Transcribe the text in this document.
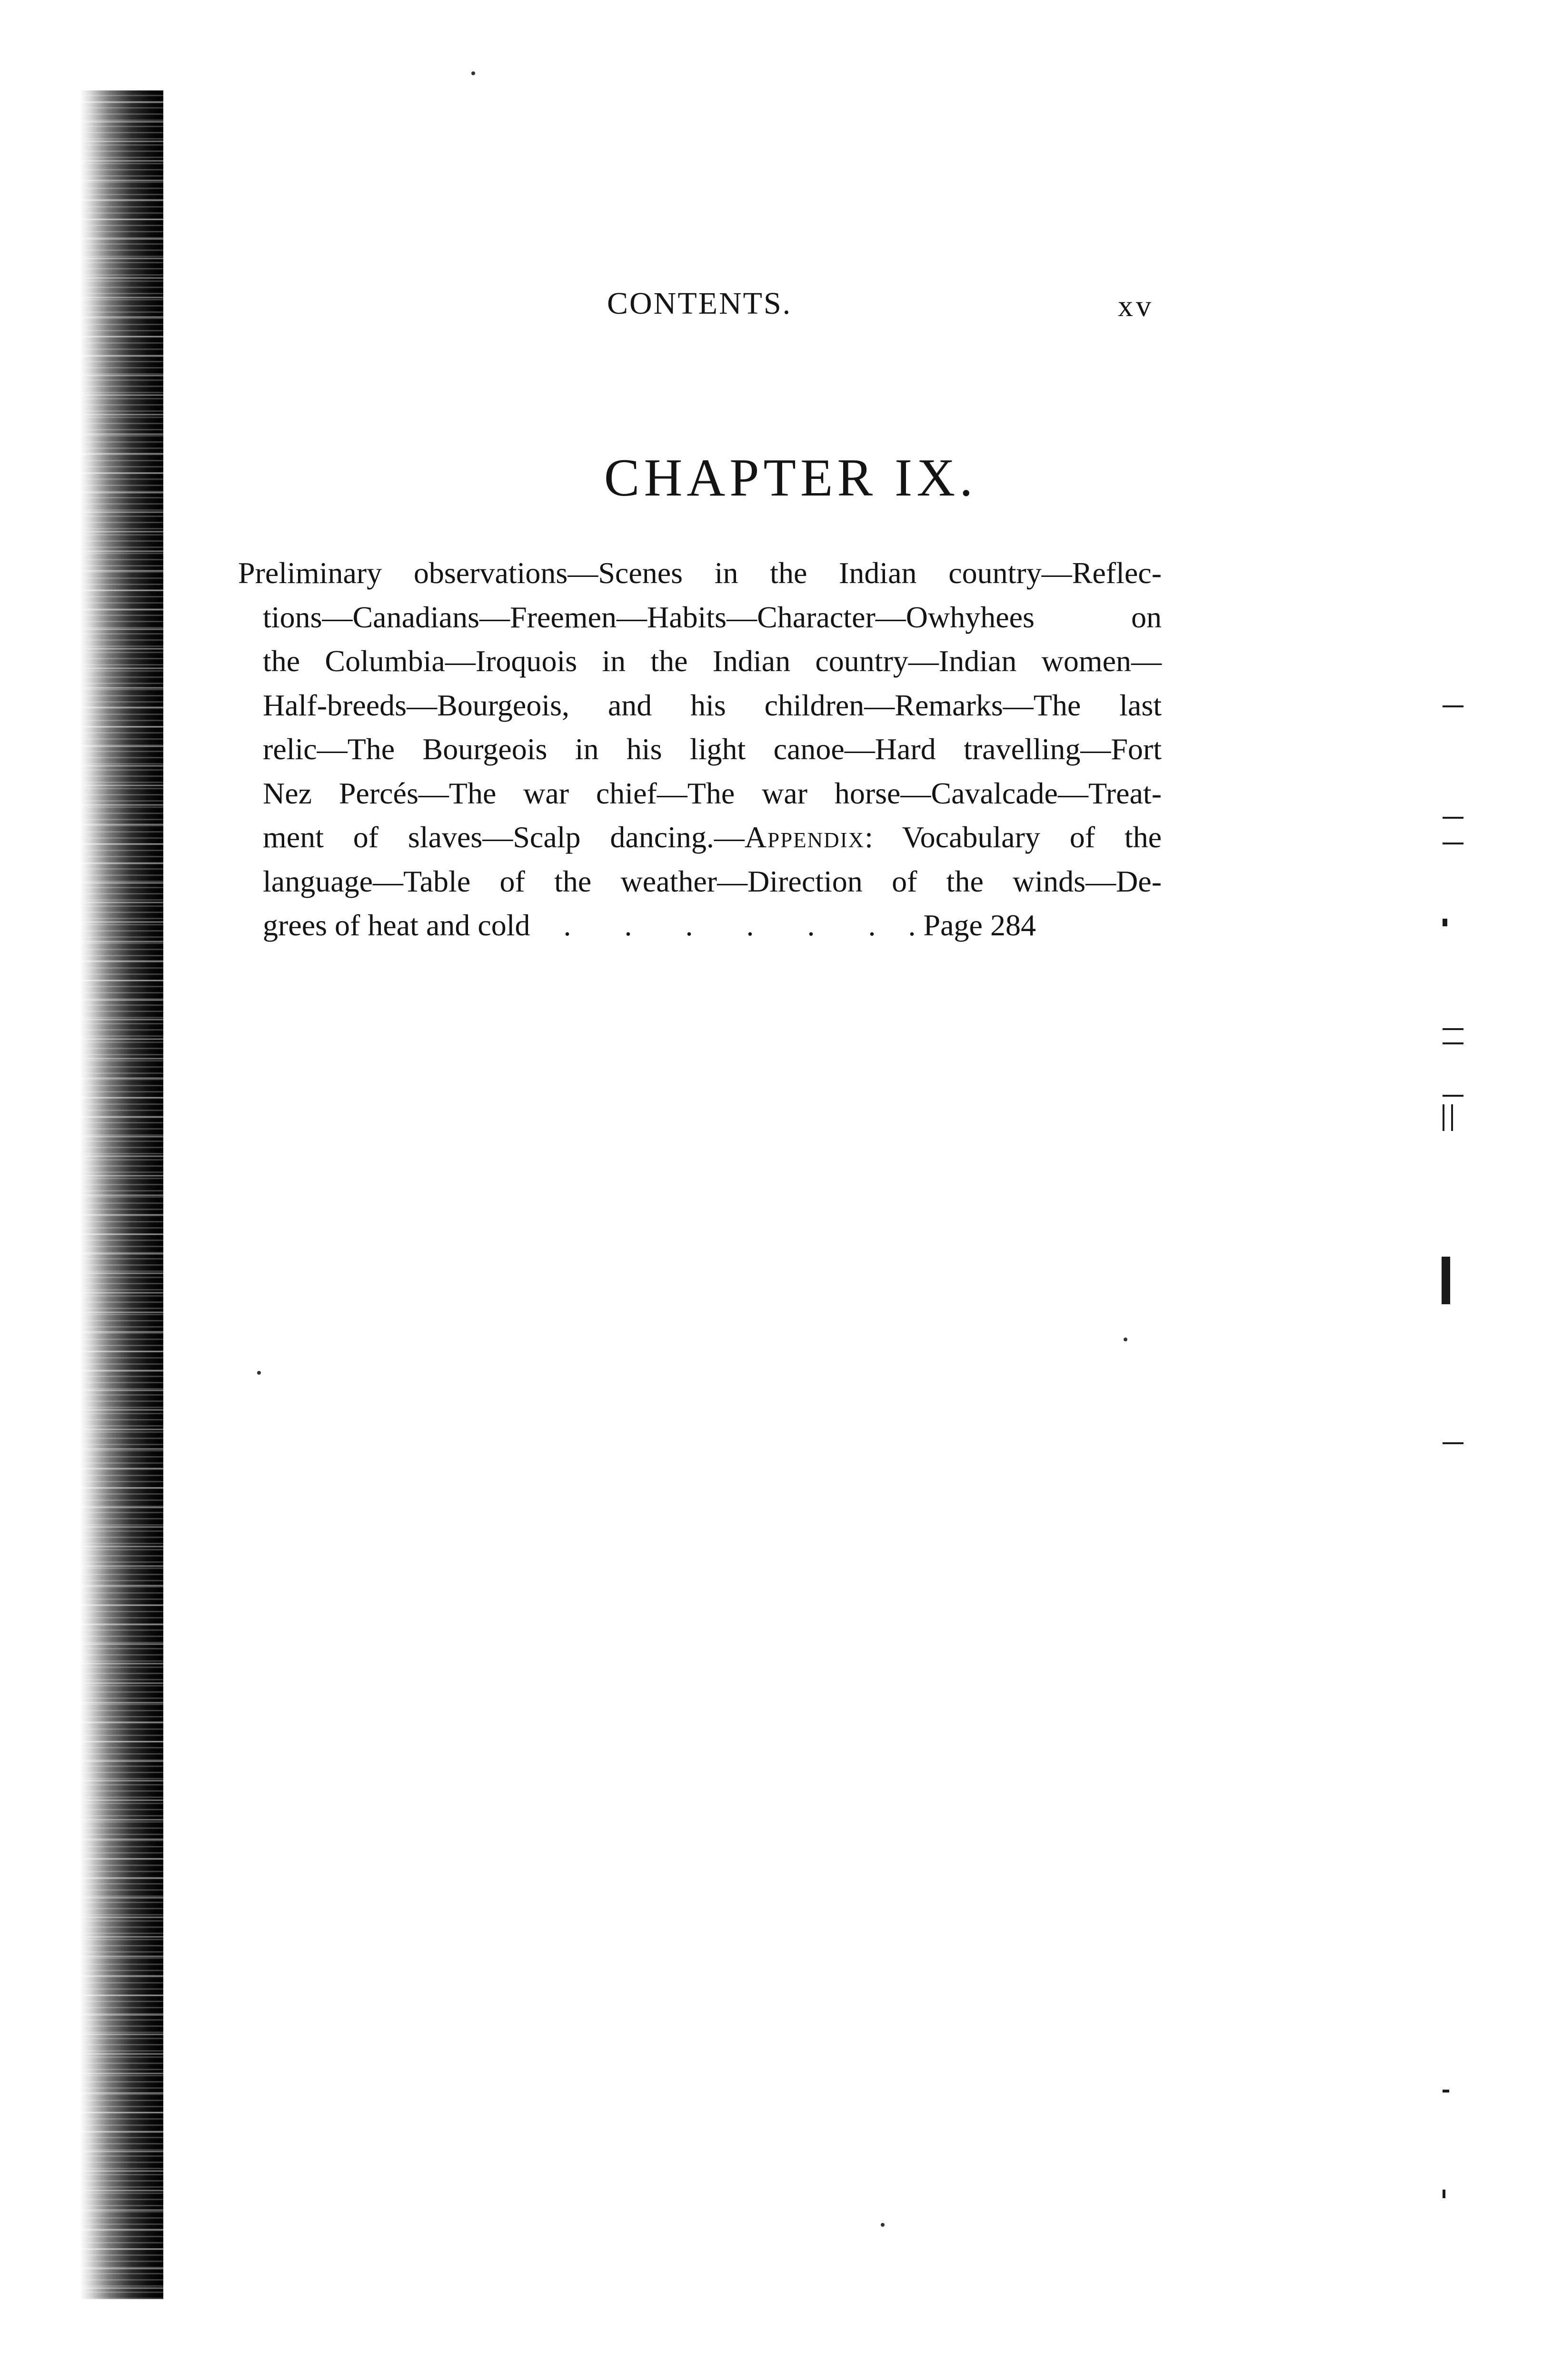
CONTENTS.	xv
CHAPTER IX.
Preliminary observations—Scenes in the Indian country—Reflec-
tions—Canadians—Freemen—Habits—Character—Owhyhees on
the Columbia—Iroquois in the Indian country—Indian women—
Half-breeds—Bourgeois, and his children—Remarks—The last
relic—The Bourgeois in his light canoe—Hard travelling—Fort
Nez Percés—The war chief—The war horse—Cavalcade—Treat-
ment of slaves—Scalp dancing.—Appendix: Vocabulary of the
language—Table of the weather—Direction of the winds—De-
grees of heat and cold . . . . . . . Page 284
